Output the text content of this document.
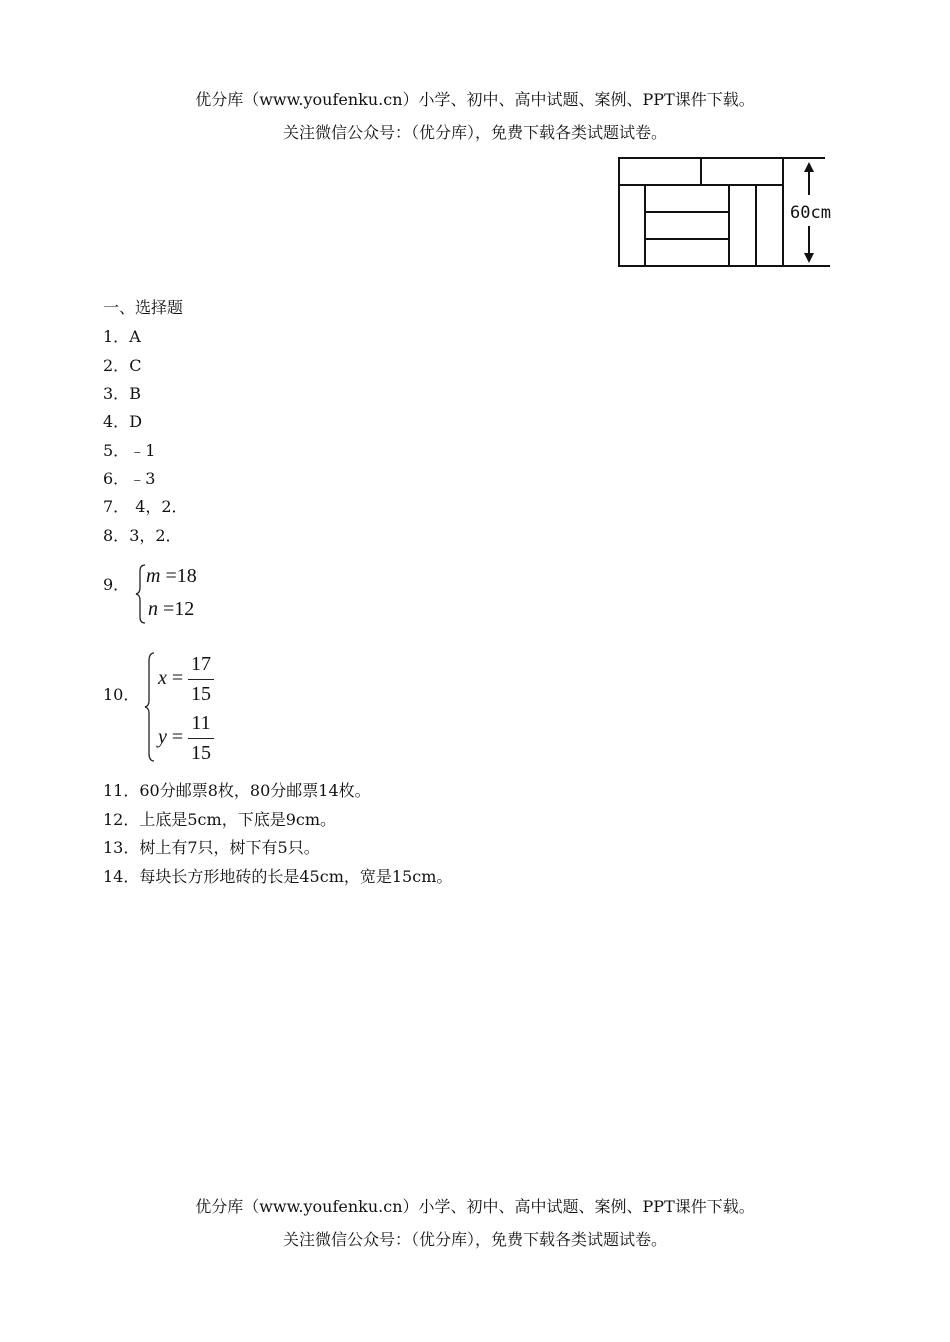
优分库（www.youfenku.cn）小学、初中、高中试题、案例、PPT课件下载。
关注微信公众号：（优分库），免费下载各类试题试卷。
60cm
一、选择题
1．A
2．C
3．B
4．D
5．﹣1
6．﹣3
7． 4，2．
8．3，2．
9． m =18
n =12
10．
x =
17
15
y =
11
15
11．60分邮票8枚，80分邮票14枚。
12．上底是5cm，下底是9cm。
13．树上有7只，树下有5只。
14．每块长方形地砖的长是45cm，宽是15cm。
优分库（www.youfenku.cn）小学、初中、高中试题、案例、PPT课件下载。
关注微信公众号：（优分库），免费下载各类试题试卷。
